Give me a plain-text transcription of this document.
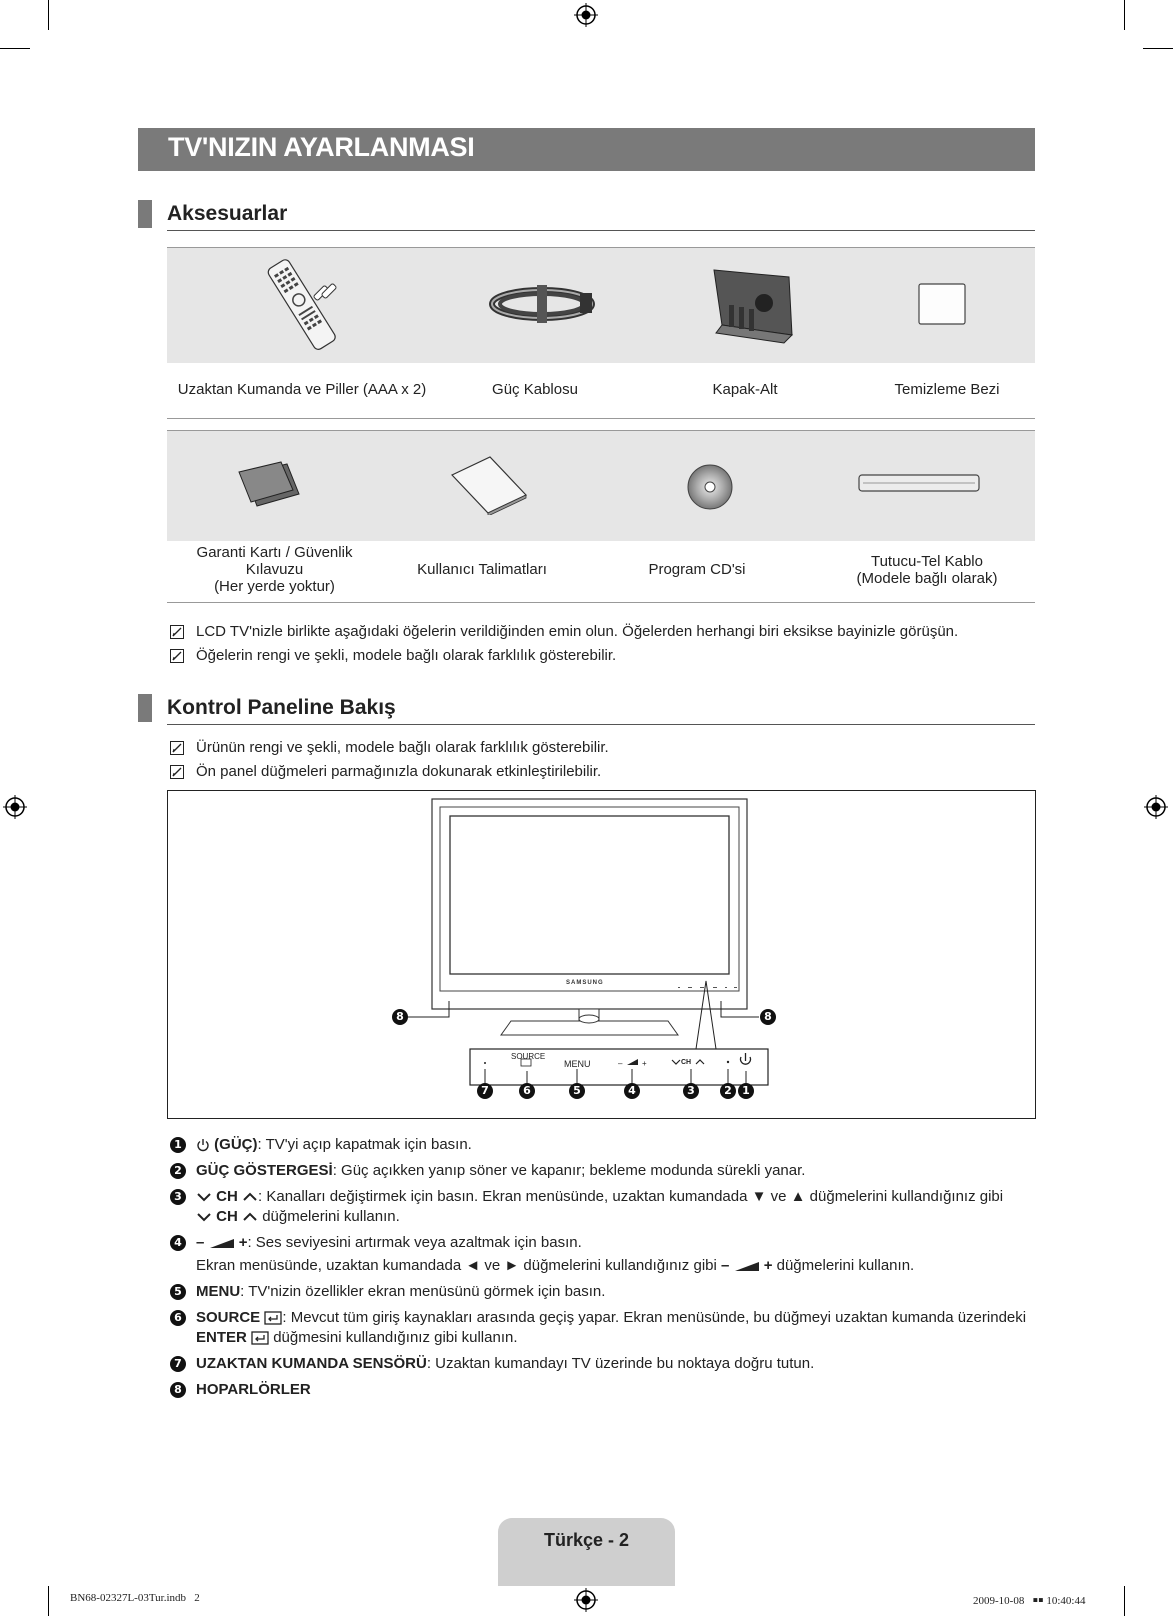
TV'NIZIN AYARLANMASI
Aksesuarlar
Uzaktan Kumanda ve Piller (AAA x 2)	Güç Kablosu	Kapak-Alt	Temizleme Bezi
Garanti Kartı / Güvenlik
Kılavuzu
(Her yerde yoktur)
Kullanıcı Talimatları	Program CD'si	Tutucu-Tel Kablo
(Modele bağlı olarak)
LCD TV'nizle birlikte aşağıdaki öğelerin verildiğinden emin olun. Öğelerden herhangi biri eksikse bayinizle görüşün.
Öğelerin rengi ve şekli, modele bağlı olarak farklılık gösterebilir.
Kontrol Paneline Bakış
Ürünün rengi ve şekli, modele bağlı olarak farklılık gösterebilir.
Ön panel düğmeleri parmağınızla dokunarak etkinleştirilebilir.
– +
SAMSUNG
SOURCE
MENU	CH
8	8
7	6	5	4	3	2 1
1	(GÜÇ): TV'yi açıp kapatmak için basın.
2 GÜÇ GÖSTERGESİ: Güç açıkken yanıp söner ve kapanır; bekleme modunda sürekli yanar.
3	CH : Kanalları değiştirmek için basın. Ekran menüsünde, uzaktan kumandada ▼ ve ▲ düğmelerini kullandığınız gibi
CH düğmelerini kullanın.
4 – +: Ses seviyesini artırmak veya azaltmak için basın.
Ekran menüsünde, uzaktan kumandada ◄ ve ► düğmelerini kullandığınız gibi – + düğmelerini kullanın.
5 MENU: TV'nizin özellikler ekran menüsünü görmek için basın.
6 SOURCE : Mevcut tüm giriş kaynakları arasında geçiş yapar. Ekran menüsünde, bu düğmeyi uzaktan kumanda üzerindeki
ENTER düğmesini kullandığınız gibi kullanın.
7 UZAKTAN KUMANDA SENSÖRÜ: Uzaktan kumandayı TV üzerinde bu noktaya doğru tutun.
8 HOPARLÖRLER
Türkçe - 2
BN68-02327L-03Tur.indb   2	2009-10-08   ￭￭ 10:40:44
